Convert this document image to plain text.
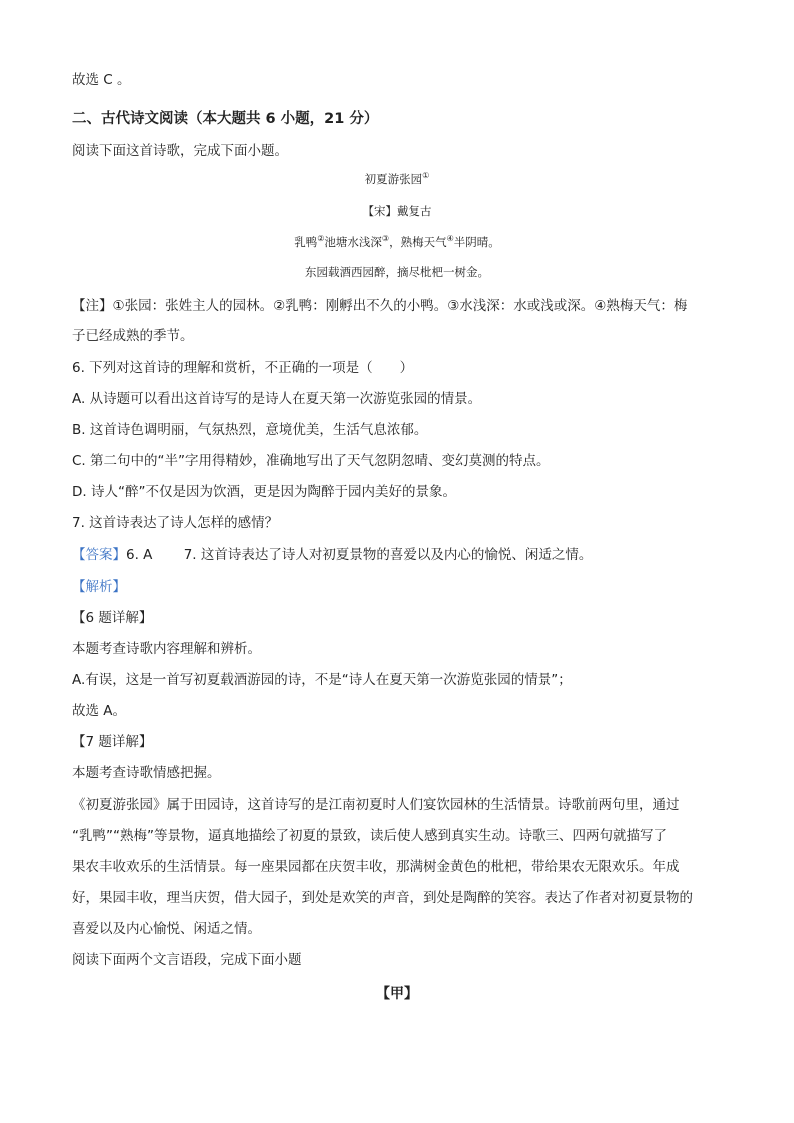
故选 C 。
二、古代诗文阅读（本大题共 6 小题，21 分）
阅读下面这首诗歌，完成下面小题。
初夏游张园①
【宋】戴复古
乳鸭②池塘水浅深③，熟梅天气④半阴晴。
东园载酒西园醉，摘尽枇杷一树金。
【注】①张园：张姓主人的园林。②乳鸭：刚孵出不久的小鸭。③水浅深：水或浅或深。④熟梅天气：梅
子已经成熟的季节。
6. 下列对这首诗的理解和赏析，不正确的一项是（　　）
A. 从诗题可以看出这首诗写的是诗人在夏天第一次游览张园的情景。
B. 这首诗色调明丽，气氛热烈，意境优美，生活气息浓郁。
C. 第二句中的“半”字用得精妙，准确地写出了天气忽阴忽晴、变幻莫测的特点。
D. 诗人“醉”不仅是因为饮酒，更是因为陶醉于园内美好的景象。
7. 这首诗表达了诗人怎样的感情？
【答案】6. A　　 7. 这首诗表达了诗人对初夏景物的喜爱以及内心的愉悦、闲适之情。
【解析】
【6 题详解】
本题考查诗歌内容理解和辨析。
A.有误，这是一首写初夏载酒游园的诗，不是“诗人在夏天第一次游览张园的情景”；
故选 A。
【7 题详解】
本题考查诗歌情感把握。
《初夏游张园》属于田园诗，这首诗写的是江南初夏时人们宴饮园林的生活情景。诗歌前两句里，通过
“乳鸭”“熟梅”等景物，逼真地描绘了初夏的景致，读后使人感到真实生动。诗歌三、四两句就描写了
果农丰收欢乐的生活情景。每一座果园都在庆贺丰收，那满树金黄色的枇杷，带给果农无限欢乐。年成
好，果园丰收，理当庆贺，借大园子，到处是欢笑的声音，到处是陶醉的笑容。表达了作者对初夏景物的
喜爱以及内心愉悦、闲适之情。
阅读下面两个文言语段，完成下面小题
【甲】
